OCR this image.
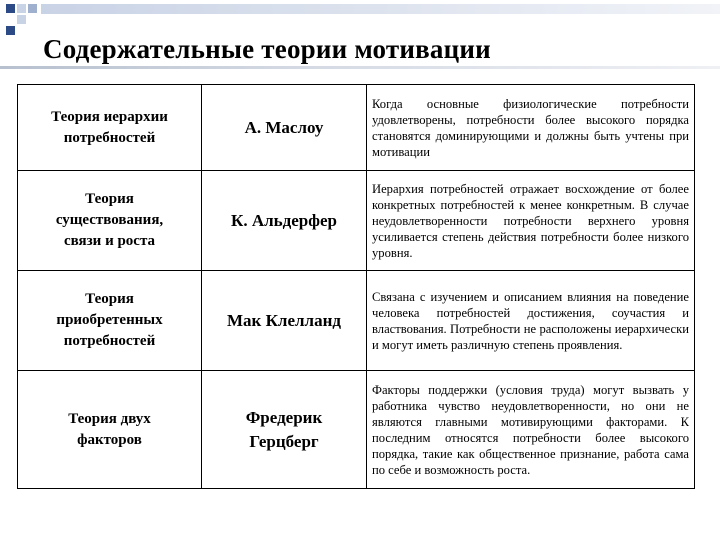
Содержательные теории мотивации
Теория иерархии потребностей	А. Маслоу	Когда основные физиологические потребности удовлетворены, потребности более высокого порядка становятся доминирующими и должны быть учтены при мотивации
Теория существования, связи и роста	К. Альдерфер	Иерархия потребностей отражает восхождение от более конкретных потребностей к менее конкретным. В случае неудовлетворенности потребности верхнего уровня усиливается степень действия потребности более низкого уровня.
Теория приобретенных потребностей	Мак Клелланд	Связана с изучением и описанием влияния на поведение человека потребностей достижения, соучастия и властвования. Потребности не расположены иерархически и могут иметь различную степень проявления.
Теория двух факторов	Фредерик Герцберг	Факторы поддержки (условия труда) могут вызвать у работника чувство неудовлетворенности, но они не являются главными мотивирующими факторами. К последним относятся потребности более высокого порядка, такие как общественное признание, работа сама по себе и возможность роста.
